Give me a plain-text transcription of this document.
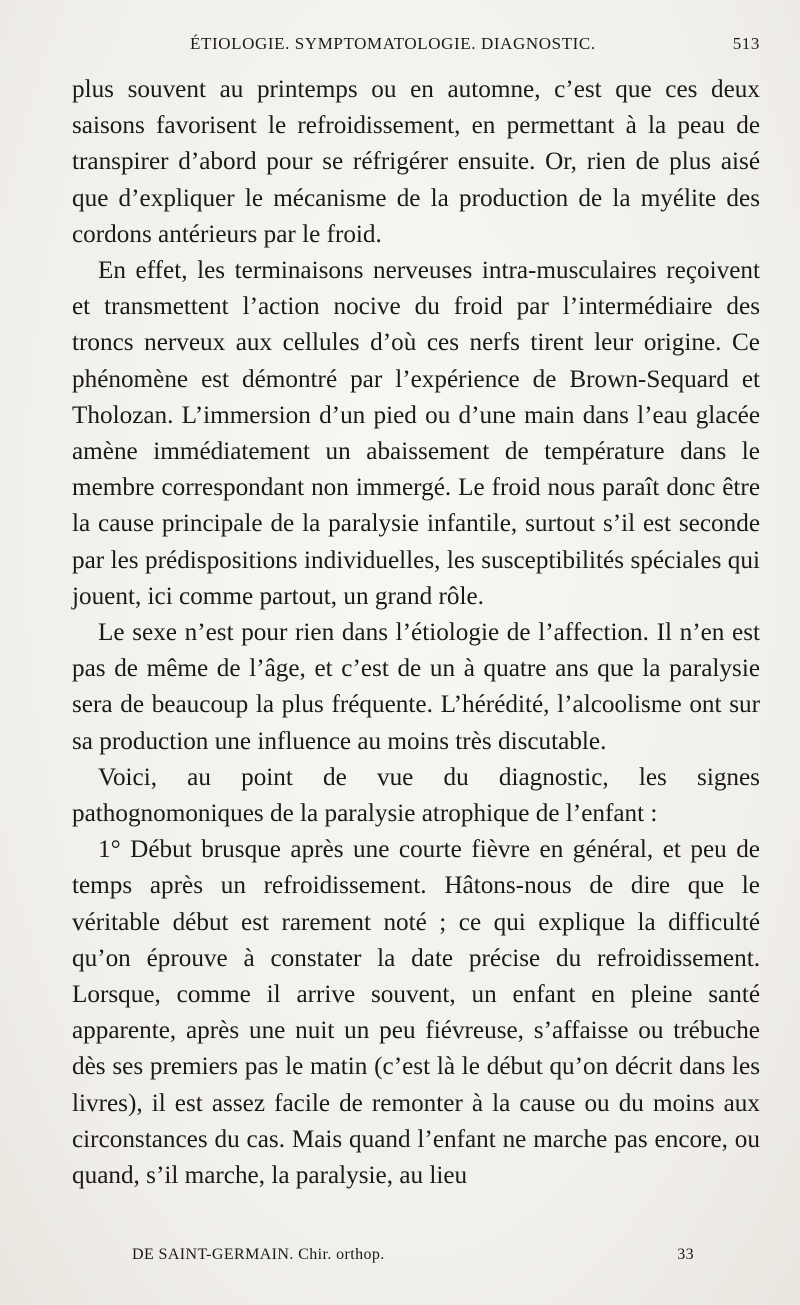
ÉTIOLOGIE. SYMPTOMATOLOGIE. DIAGNOSTIC.	513

plus souvent au printemps ou en automne, c’est que ces deux saisons favorisent le refroidissement, en permettant à la peau de transpirer d’abord pour se réfrigérer ensuite. Or, rien de plus aisé que d’expliquer le mécanisme de la production de la myélite des cordons antérieurs par le froid.

En effet, les terminaisons nerveuses intra-musculaires reçoivent et transmettent l’action nocive du froid par l’intermédiaire des troncs nerveux aux cellules d’où ces nerfs tirent leur origine. Ce phénomène est démontré par l’expérience de Brown-Sequard et Tholozan. L’immersion d’un pied ou d’une main dans l’eau glacée amène immédiatement un abaissement de température dans le membre correspondant non immergé. Le froid nous paraît donc être la cause principale de la paralysie infantile, surtout s’il est seconde par les prédispositions individuelles, les susceptibilités spéciales qui jouent, ici comme partout, un grand rôle.

Le sexe n’est pour rien dans l’étiologie de l’affection. Il n’en est pas de même de l’âge, et c’est de un à quatre ans que la paralysie sera de beaucoup la plus fréquente. L’hérédité, l’alcoolisme ont sur sa production une influence au moins très discutable.

Voici, au point de vue du diagnostic, les signes pathognomoniques de la paralysie atrophique de l’enfant :

1° Début brusque après une courte fièvre en général, et peu de temps après un refroidissement. Hâtons-nous de dire que le véritable début est rarement noté ; ce qui explique la difficulté qu’on éprouve à constater la date précise du refroidissement. Lorsque, comme il arrive souvent, un enfant en pleine santé apparente, après une nuit un peu fiévreuse, s’affaisse ou trébuche dès ses premiers pas le matin (c’est là le début qu’on décrit dans les livres), il est assez facile de remonter à la cause ou du moins aux circonstances du cas. Mais quand l’enfant ne marche pas encore, ou quand, s’il marche, la paralysie, au lieu

DE SAINT-GERMAIN. Chir. orthop.	33
